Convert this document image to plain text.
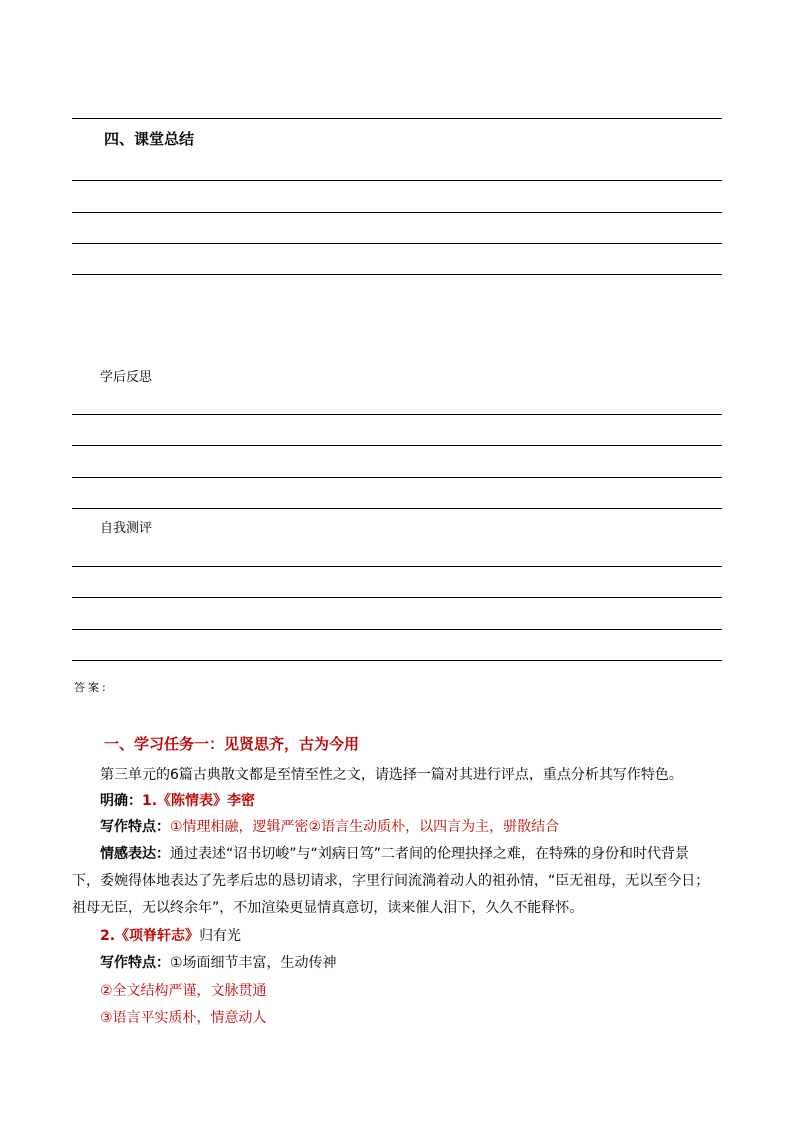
四、课堂总结
学后反思
自我测评
答案:
一、学习任务一：见贤思齐，古为今用
第三单元的6篇古典散文都是至情至性之文，请选择一篇对其进行评点，重点分析其写作特色。
明确：1.《陈情表》李密
写作特点：①情理相融，逻辑严密②语言生动质朴，以四言为主，骈散结合
情感表达：通过表述“诏书切峻”与“刘病日笃”二者间的伦理抉择之难，在特殊的身份和时代背景
下，委婉得体地表达了先孝后忠的恳切请求，字里行间流淌着动人的祖孙情，“臣无祖母，无以至今日；
祖母无臣，无以终余年”，不加渲染更显情真意切，读来催人泪下，久久不能释怀。
2.《项脊轩志》归有光
写作特点：①场面细节丰富，生动传神
②全文结构严谨，文脉贯通
③语言平实质朴，情意动人
